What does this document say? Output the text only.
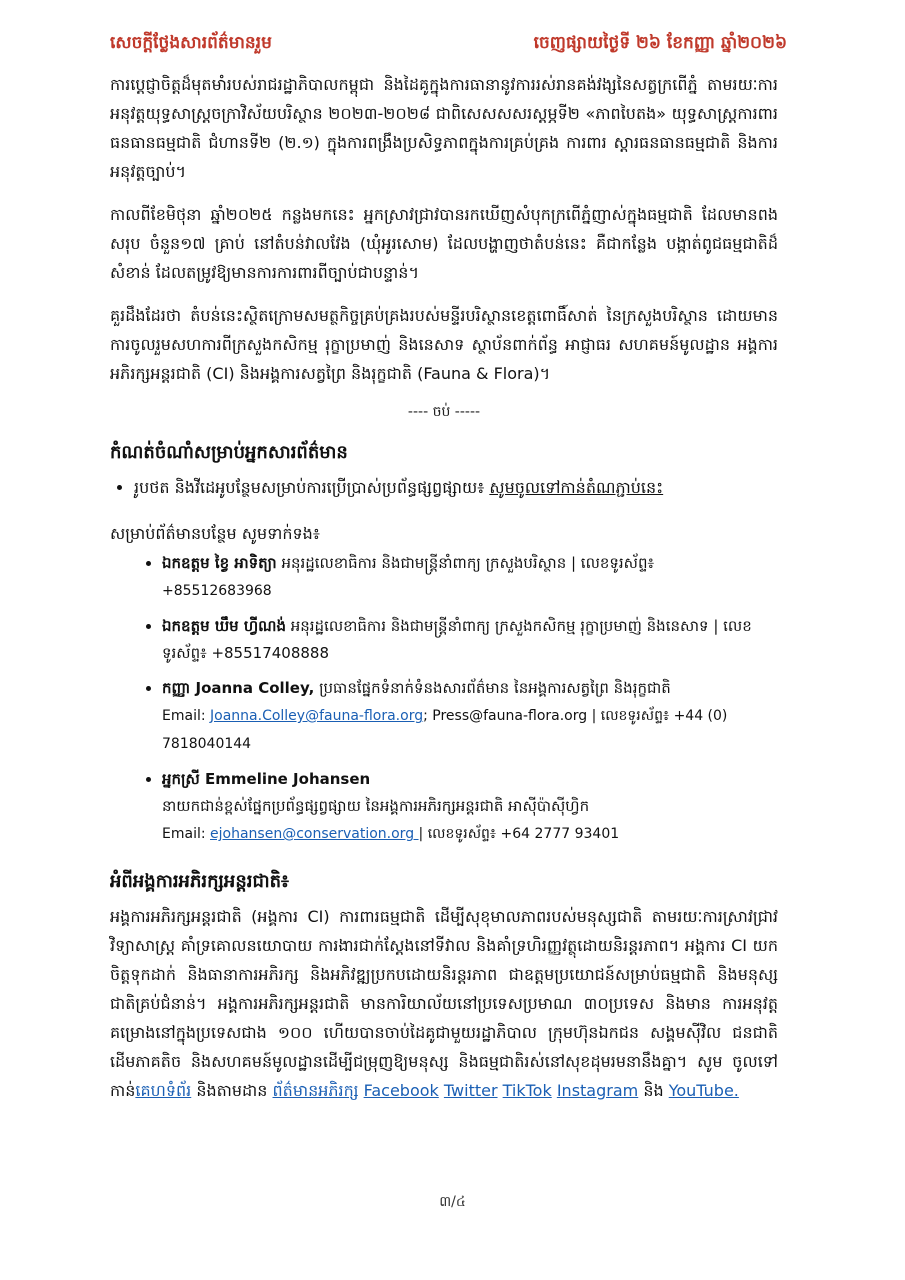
សេចក្តីថ្លែងសារព័ត៌មានរួម	ចេញផ្សាយថ្ងៃទី ២៦ ខែកញ្ញា ឆ្នាំ២០២៦

ការប្តេជ្ញាចិត្តដ៏មុតមាំរបស់រាជរដ្ឋាភិបាលកម្ពុជា និងដៃគូក្នុងការធានានូវការរស់រានគង់វង្សនៃសត្វក្រពើភ្នំ តាមរយៈការអនុវត្តយុទ្ធសាស្ត្រចក្រាវិស័យបរិស្ថាន ២០២៣-២០២៨ ជាពិសេសសសរស្តម្ភទី២ «ភាពបៃតង» យុទ្ធសាស្ត្រការពារធនធានធម្មជាតិ ជំហានទី២ (២.១) ក្នុងការពង្រឹងប្រសិទ្ធភាពក្នុងការគ្រប់គ្រង ការពារ ស្តារធនធានធម្មជាតិ និងការអនុវត្តច្បាប់។

កាលពីខែមិថុនា ឆ្នាំ២០២៥ កន្លងមកនេះ អ្នកស្រាវជ្រាវបានរកឃើញសំបុកក្រពើភ្នំញាស់ក្នុងធម្មជាតិ ដែលមានពងសរុប ចំនួន១៧ គ្រាប់ នៅតំបន់វាលវែង (ឃុំអូរសោម) ដែលបង្ហាញថាតំបន់នេះ គឺជាកន្លែង បង្កាត់ពូជធម្មជាតិដ៏សំខាន់ ដែលតម្រូវឱ្យមានការការពារពីច្បាប់ជាបន្ទាន់។

គួរដឹងដែរថា តំបន់នេះស្ថិតក្រោមសមត្ថកិច្ចគ្រប់គ្រងរបស់មន្ទីរបរិស្ថានខេត្តពោធិ៍សាត់ នៃក្រសួងបរិស្ថាន ដោយមានការចូលរួមសហការពីក្រសួងកសិកម្ម រុក្ខាប្រមាញ់ និងនេសាទ ស្ថាប័នពាក់ព័ន្ធ អាជ្ញាធរ សហគមន៍មូលដ្ឋាន អង្គការអភិរក្សអន្តរជាតិ (CI) និងអង្គការសត្វព្រៃ និងរុក្ខជាតិ (Fauna & Flora)។

---- ចប់ -----
កំណត់ចំណាំសម្រាប់អ្នកសារព័ត៌មាន
• រូបថត និងវីដេអូបន្ថែមសម្រាប់ការប្រើប្រាស់ប្រព័ន្ធផ្សព្វផ្សាយ៖ សូមចូលទៅកាន់តំណភ្ជាប់នេះ
សម្រាប់ព័ត៌មានបន្ថែម សូមទាក់ទង៖
• ឯកឧត្តម ខ្វៃ អាទិត្យា អនុរដ្ឋលេខាធិការ និងជាមន្ត្រីនាំពាក្យ ក្រសួងបរិស្ថាន | លេខទូរស័ព្ទ៖
+85512683968
• ឯកឧត្តម ឃឹម ហ្វីណង់ អនុរដ្ឋលេខាធិការ និងជាមន្ត្រីនាំពាក្យ ក្រសួងកសិកម្ម រុក្ខាប្រមាញ់ និងនេសាទ | លេខទូរស័ព្ទ៖ +85517408888
• កញ្ញា Joanna Colley, ប្រធានផ្នែកទំនាក់ទំនងសារព័ត៌មាន នៃអង្គការសត្វព្រៃ និងរុក្ខជាតិ
Email: Joanna.Colley@fauna-flora.org; Press@fauna-flora.org | លេខទូរស័ព្ទ៖ +44 (0) 7818040144
• អ្នកស្រី Emmeline Johansen
នាយកជាន់ខ្ពស់ផ្នែកប្រព័ន្ធផ្សព្វផ្សាយ នៃអង្គការអភិរក្សអន្តរជាតិ អាស៊ីប៉ាស៊ីហ្វិក
Email: ejohansen@conservation.org | លេខទូរស័ព្ទ៖ +64 2777 93401
អំពីអង្គការអភិរក្សអន្តរជាតិ៖

អង្គការអភិរក្សអន្តរជាតិ (អង្គការ CI) ការពារធម្មជាតិ ដើម្បីសុខុមាលភាពរបស់មនុស្សជាតិ តាមរយៈការស្រាវជ្រាវវិទ្យាសាស្ត្រ គាំទ្រគោលនយោបាយ ការងារជាក់ស្តែងនៅទីវាល និងគាំទ្រហិរញ្ញវត្ថុដោយនិរន្តរភាព។ អង្គការ CI យកចិត្តទុកដាក់ និងធានាការអភិរក្ស និងអភិវឌ្ឍប្រកបដោយនិរន្តរភាព ជាឧត្តមប្រយោជន៍សម្រាប់ធម្មជាតិ និងមនុស្សជាតិគ្រប់ជំនាន់។ អង្គការអភិរក្សអន្តរជាតិ មានការិយាល័យនៅប្រទេសប្រមាណ ៣០ប្រទេស និងមាន ការអនុវត្តគម្រោងនៅក្នុងប្រទេសជាង ១០០ ហើយបានចាប់ដៃគូជាមួយរដ្ឋាភិបាល ក្រុមហ៊ុនឯកជន សង្គមស៊ីវិល ជនជាតិដើមភាគតិច និងសហគមន៍មូលដ្ឋានដើម្បីជម្រុញឱ្យមនុស្ស និងធម្មជាតិរស់នៅសុខដុមរមនានឹងគ្នា។ សូម ចូលទៅកាន់គេហទំព័រ និងតាមដាន ព័ត៌មានអភិរក្ស Facebook Twitter TikTok Instagram និង YouTube.

៣/៤
